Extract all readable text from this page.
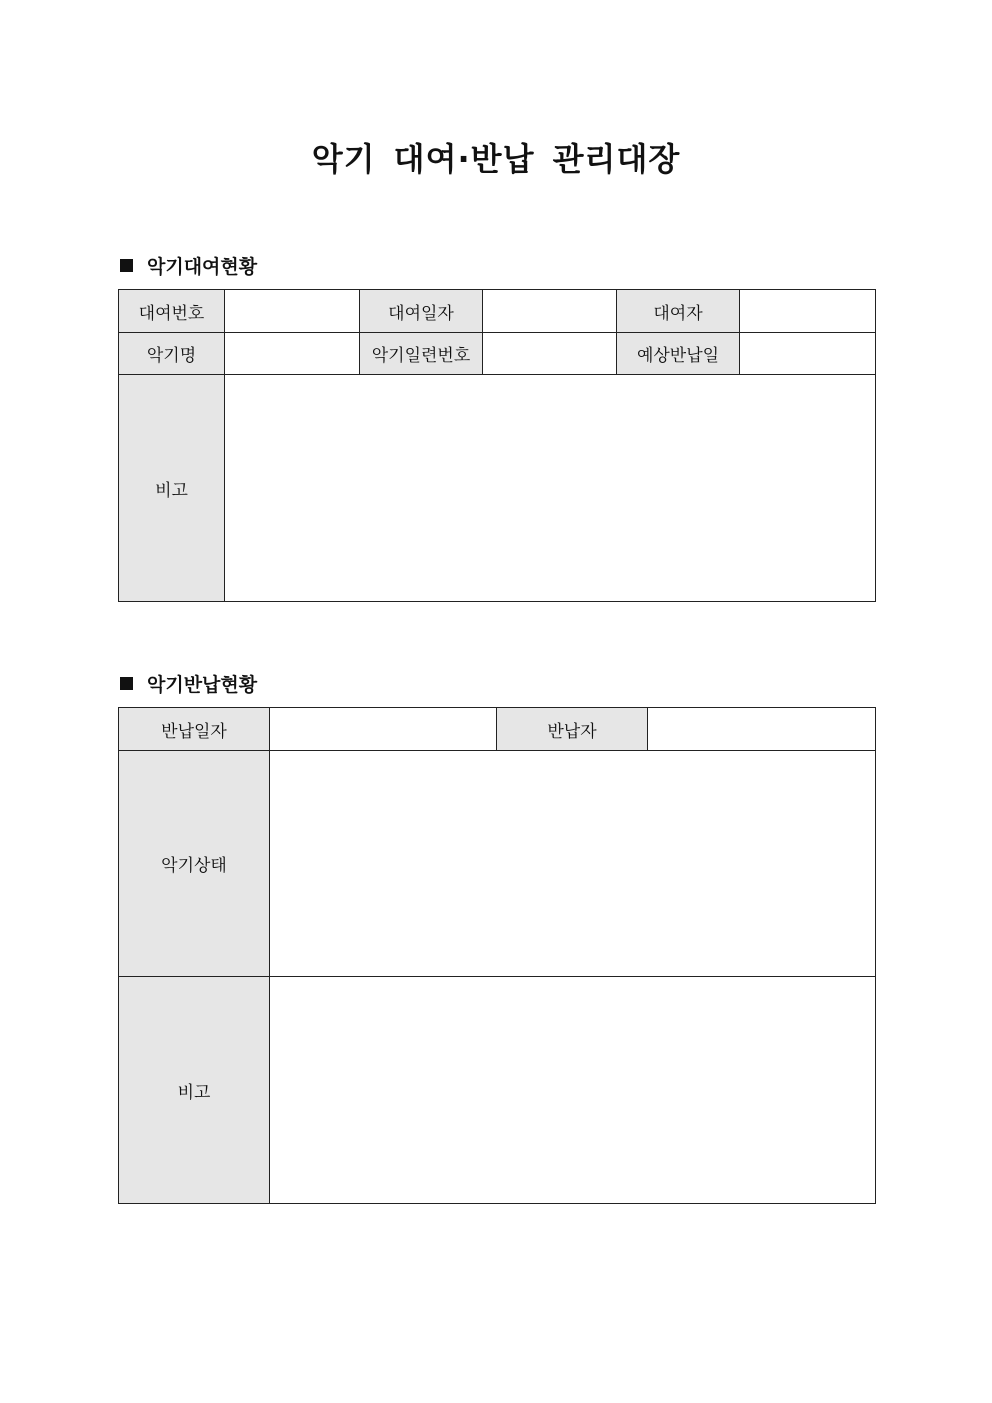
악기 대여·반납 관리대장
악기대여현황
대여번호		대여일자		대여자	
악기명		악기일련번호		예상반납일	
비고					
악기반납현황
반납일자		반납자	
악기상태			
비고			
